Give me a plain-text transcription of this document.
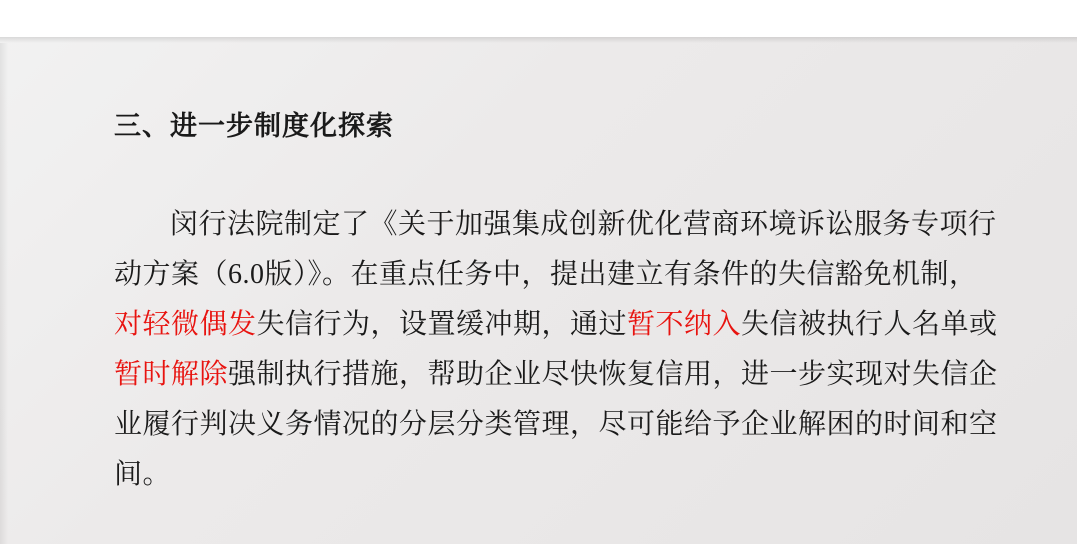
三、进一步制度化探索
闵行法院制定了《关于加强集成创新优化营商环境诉讼服务专项行
动方案（6.0版）》。在重点任务中，提出建立有条件的失信豁免机制，
对轻微偶发失信行为，设置缓冲期，通过暂不纳入失信被执行人名单或
暂时解除强制执行措施，帮助企业尽快恢复信用，进一步实现对失信企
业履行判决义务情况的分层分类管理，尽可能给予企业解困的时间和空
间。
